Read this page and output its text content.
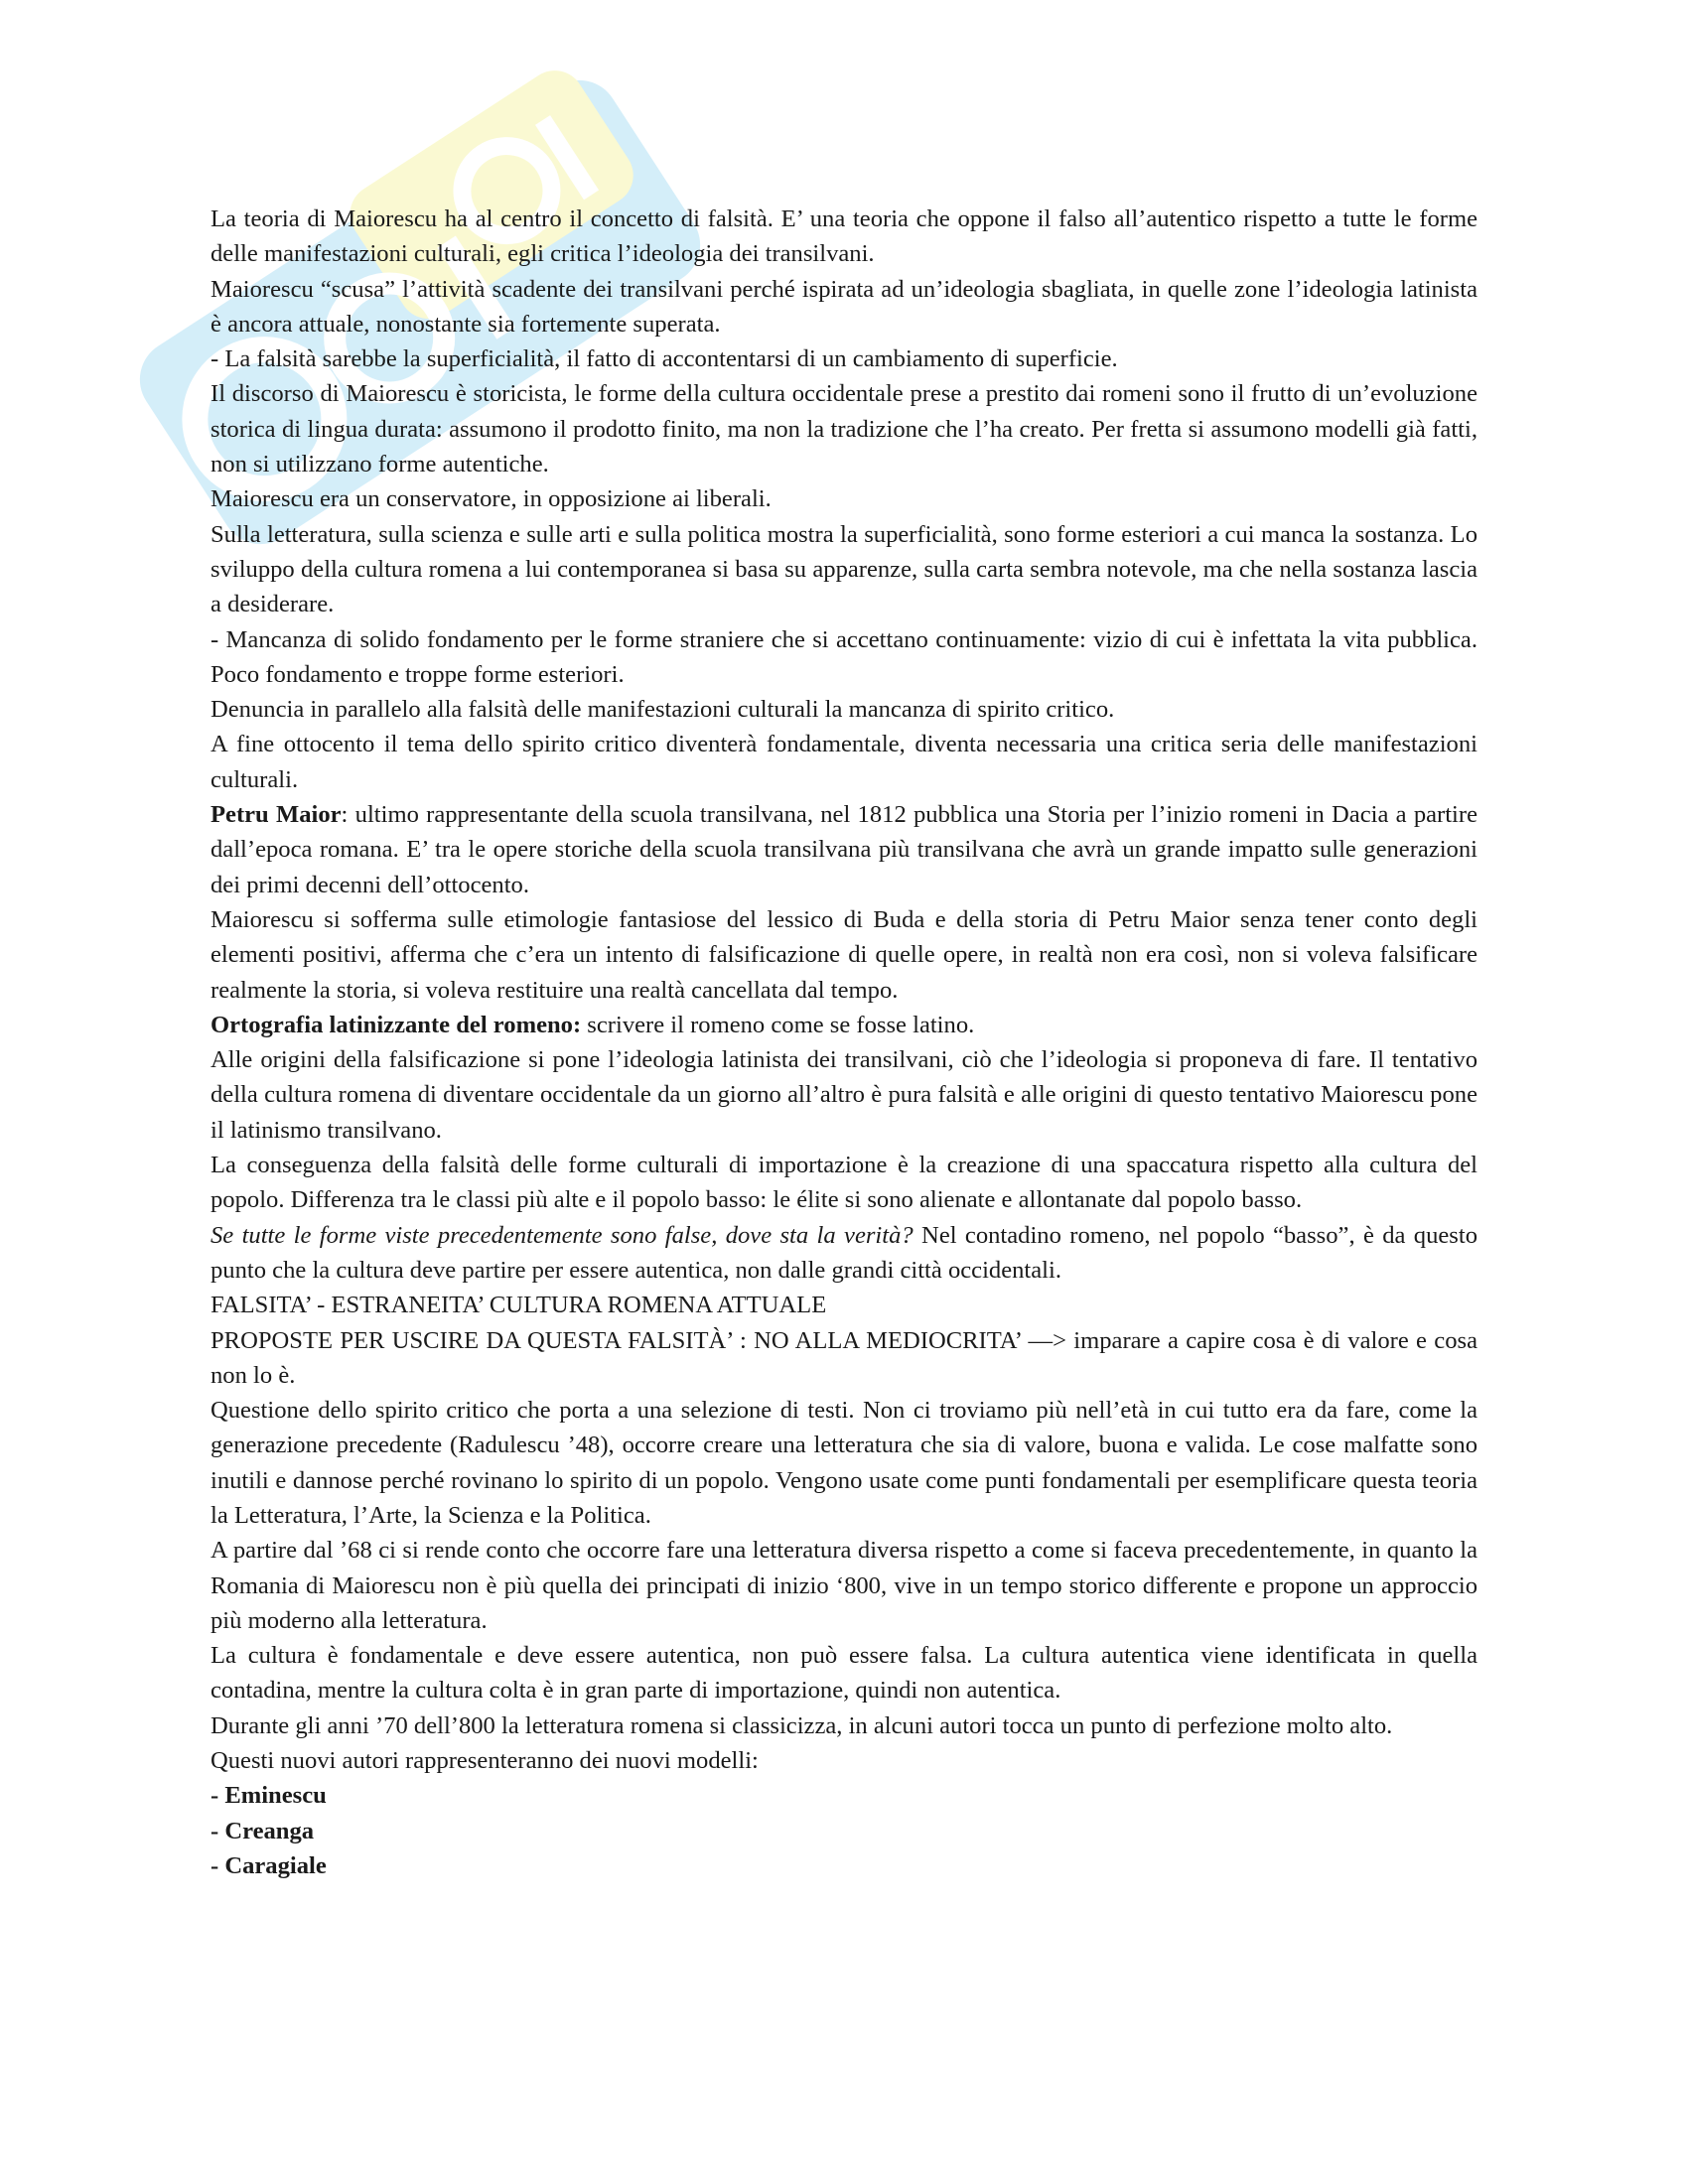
La teoria di Maiorescu ha al centro il concetto di falsità. E’ una teoria che oppone il falso all’autentico rispetto a tutte le forme delle manifestazioni culturali, egli critica l’ideologia dei transilvani.

Maiorescu “scusa” l’attività scadente dei transilvani perché ispirata ad un’ideologia sbagliata, in quelle zone l’ideologia latinista è ancora attuale, nonostante sia fortemente superata.

- La falsità sarebbe la superficialità, il fatto di accontentarsi di un cambiamento di superficie.

Il discorso di Maiorescu è storicista, le forme della cultura occidentale prese a prestito dai romeni sono il frutto di un’evoluzione storica di lingua durata: assumono il prodotto finito, ma non la tradizione che l’ha creato. Per fretta si assumono modelli già fatti, non si utilizzano forme autentiche.

Maiorescu era un conservatore, in opposizione ai liberali.

Sulla letteratura, sulla scienza e sulle arti e sulla politica mostra la superficialità, sono forme esteriori a cui manca la sostanza. Lo sviluppo della cultura romena a lui contemporanea si basa su apparenze, sulla carta sembra notevole, ma che nella sostanza lascia a desiderare.

- Mancanza di solido fondamento per le forme straniere che si accettano continuamente: vizio di cui è infettata la vita pubblica. Poco fondamento e troppe forme esteriori.

Denuncia in parallelo alla falsità delle manifestazioni culturali la mancanza di spirito critico.

A fine ottocento il tema dello spirito critico diventerà fondamentale, diventa necessaria una critica seria delle manifestazioni culturali.

Petru Maior: ultimo rappresentante della scuola transilvana, nel 1812 pubblica una Storia per l’inizio romeni in Dacia a partire dall’epoca romana. E’ tra le opere storiche della scuola transilvana più transilvana che avrà un grande impatto sulle generazioni dei primi decenni dell’ottocento.

Maiorescu si sofferma sulle etimologie fantasiose del lessico di Buda e della storia di Petru Maior senza tener conto degli elementi positivi, afferma che c’era un intento di falsificazione di quelle opere, in realtà non era così, non si voleva falsificare realmente la storia, si voleva restituire una realtà cancellata dal tempo.

Ortografia latinizzante del romeno: scrivere il romeno come se fosse latino.

Alle origini della falsificazione si pone l’ideologia latinista dei transilvani, ciò che l’ideologia si proponeva di fare. Il tentativo della cultura romena di diventare occidentale da un giorno all’altro è pura falsità e alle origini di questo tentativo Maiorescu pone il latinismo transilvano.

La conseguenza della falsità delle forme culturali di importazione è la creazione di una spaccatura rispetto alla cultura del popolo. Differenza tra le classi più alte e il popolo basso: le élite si sono alienate e allontanate dal popolo basso.

Se tutte le forme viste precedentemente sono false, dove sta la verità? Nel contadino romeno, nel popolo “basso”, è da questo punto che la cultura deve partire per essere autentica, non dalle grandi città occidentali.

FALSITA’ - ESTRANEITA’ CULTURA ROMENA ATTUALE

PROPOSTE PER USCIRE DA QUESTA FALSITÀ’ : NO ALLA MEDIOCRITA’ —> imparare a capire cosa è di valore e cosa non lo è.

Questione dello spirito critico che porta a una selezione di testi. Non ci troviamo più nell’età in cui tutto era da fare, come la generazione precedente (Radulescu ’48), occorre creare una letteratura che sia di valore, buona e valida. Le cose malfatte sono inutili e dannose perché rovinano lo spirito di un popolo. Vengono usate come punti fondamentali per esemplificare questa teoria la Letteratura, l’Arte, la Scienza e la Politica.

A partire dal ’68 ci si rende conto che occorre fare una letteratura diversa rispetto a come si faceva precedentemente, in quanto la Romania di Maiorescu non è più quella dei principati di inizio ‘800, vive in un tempo storico differente e propone un approccio più moderno alla letteratura.

La cultura è fondamentale e deve essere autentica, non può essere falsa. La cultura autentica viene identificata in quella contadina, mentre la cultura colta è in gran parte di importazione, quindi non autentica.

Durante gli anni ’70 dell’800 la letteratura romena si classicizza, in alcuni autori tocca un punto di perfezione molto alto.

Questi nuovi autori rappresenteranno dei nuovi modelli:

- Eminescu

- Creanga

- Caragiale
